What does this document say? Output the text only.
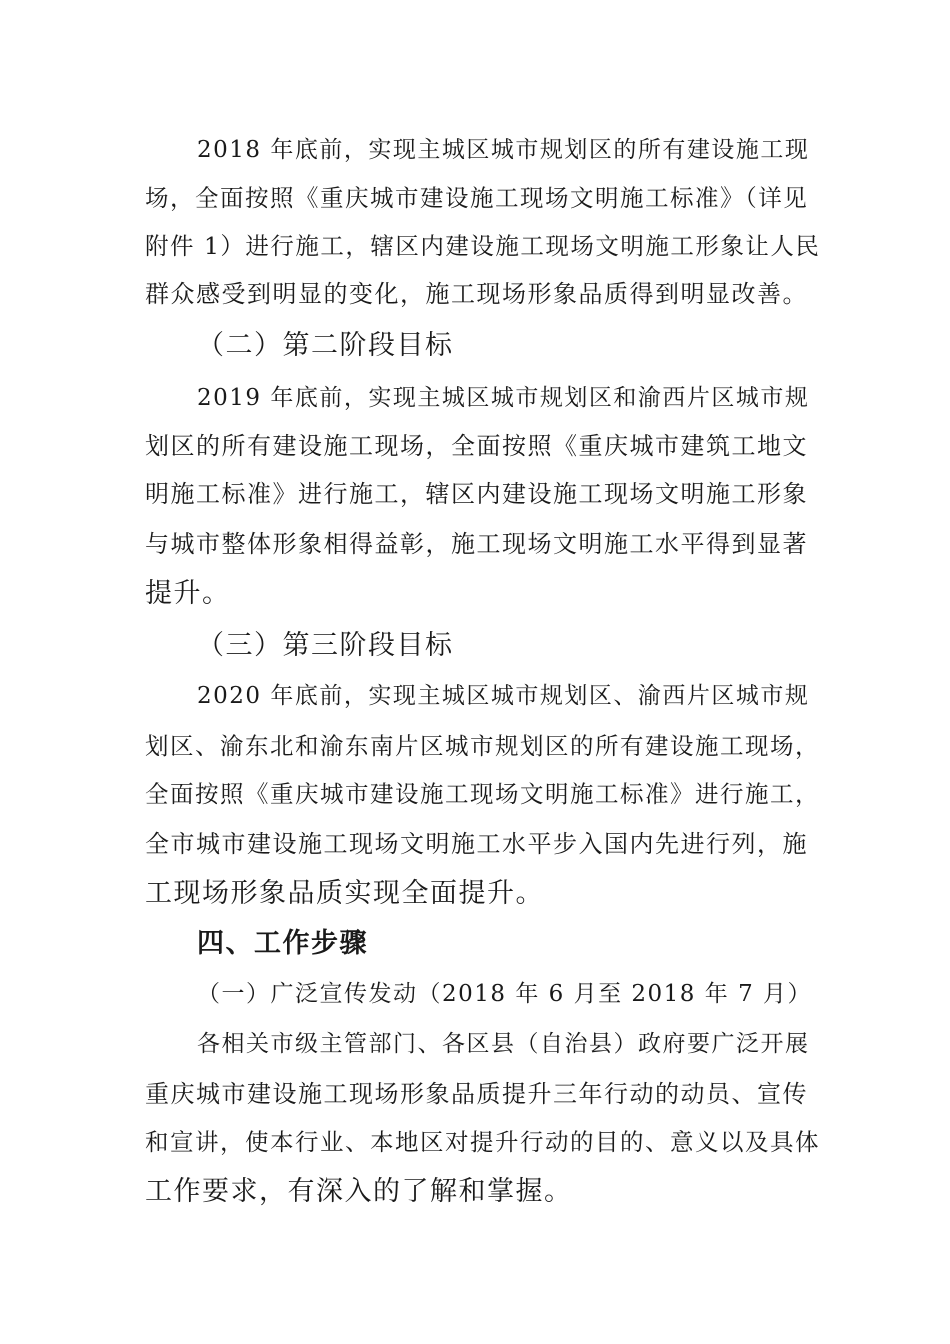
2018 年底前，实现主城区城市规划区的所有建设施工现
场，全面按照《重庆城市建设施工现场文明施工标准》（详见
附件 1）进行施工，辖区内建设施工现场文明施工形象让人民
群众感受到明显的变化，施工现场形象品质得到明显改善。
（二）第二阶段目标
2019 年底前，实现主城区城市规划区和渝西片区城市规
划区的所有建设施工现场，全面按照《重庆城市建筑工地文
明施工标准》进行施工，辖区内建设施工现场文明施工形象
与城市整体形象相得益彰，施工现场文明施工水平得到显著
提升。
（三）第三阶段目标
2020 年底前，实现主城区城市规划区、渝西片区城市规
划区、渝东北和渝东南片区城市规划区的所有建设施工现场，
全面按照《重庆城市建设施工现场文明施工标准》进行施工，
全市城市建设施工现场文明施工水平步入国内先进行列，施
工现场形象品质实现全面提升。
四、工作步骤
（一）广泛宣传发动（2018 年 6 月至 2018 年 7 月）
各相关市级主管部门、各区县（自治县）政府要广泛开展
重庆城市建设施工现场形象品质提升三年行动的动员、宣传
和宣讲，使本行业、本地区对提升行动的目的、意义以及具体
工作要求，有深入的了解和掌握。
